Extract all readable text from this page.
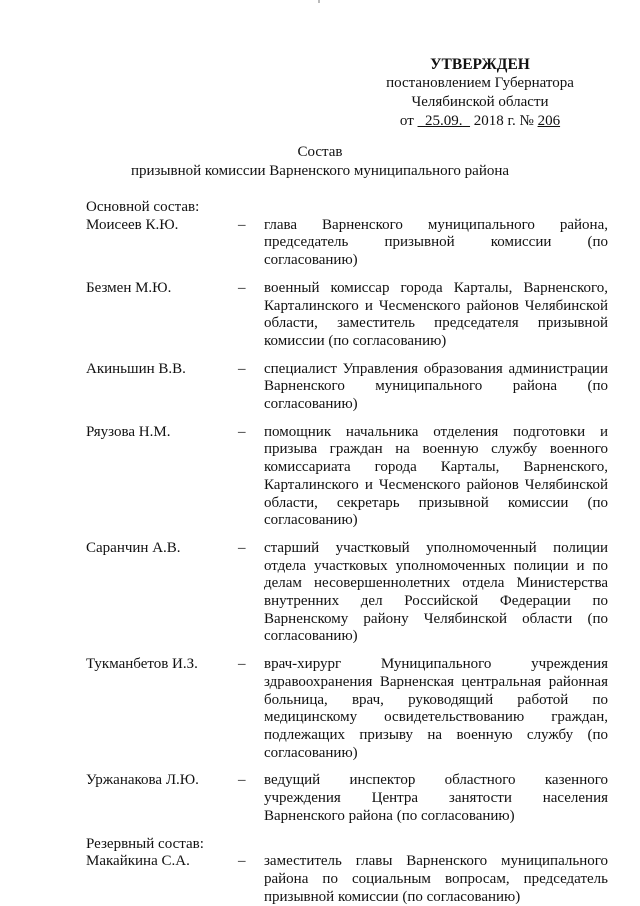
УТВЕРЖДЕН
постановлением Губернатора
Челябинской области
от 25.09. 2018 г. № 206
Состав
призывной комиссии Варненского муниципального района
Основной состав:
Моисеев К.Ю.	–	глава Варненского муниципального района, председатель призывной комиссии (по согласованию)
Безмен М.Ю.	–	военный комиссар города Карталы, Варненского, Карталинского и Чесменского районов Челябинской области, заместитель председателя призывной комиссии (по согласованию)
Акиньшин В.В.	–	специалист Управления образования администрации Варненского муниципального района (по согласованию)
Ряузова Н.М.	–	помощник начальника отделения подготовки и призыва граждан на военную службу военного комиссариата города Карталы, Варненского, Карталинского и Чесменского районов Челябинской области, секретарь призывной комиссии (по согласованию)
Саранчин А.В.	–	старший участковый уполномоченный полиции отдела участковых уполномоченных полиции и по делам несовершеннолетних отдела Министерства внутренних дел Российской Федерации по Варненскому району Челябинской области (по согласованию)
Тукманбетов И.З.	–	врач-хирург Муниципального учреждения здравоохранения Варненская центральная районная больница, врач, руководящий работой по медицинскому освидетельствованию граждан, подлежащих призыву на военную службу (по согласованию)
Уржанакова Л.Ю.	–	ведущий инспектор областного казенного учреждения Центра занятости населения Варненского района (по согласованию)
Резервный состав:
Макайкина С.А.	–	заместитель главы Варненского муниципального района по социальным вопросам, председатель призывной комиссии (по согласованию)
